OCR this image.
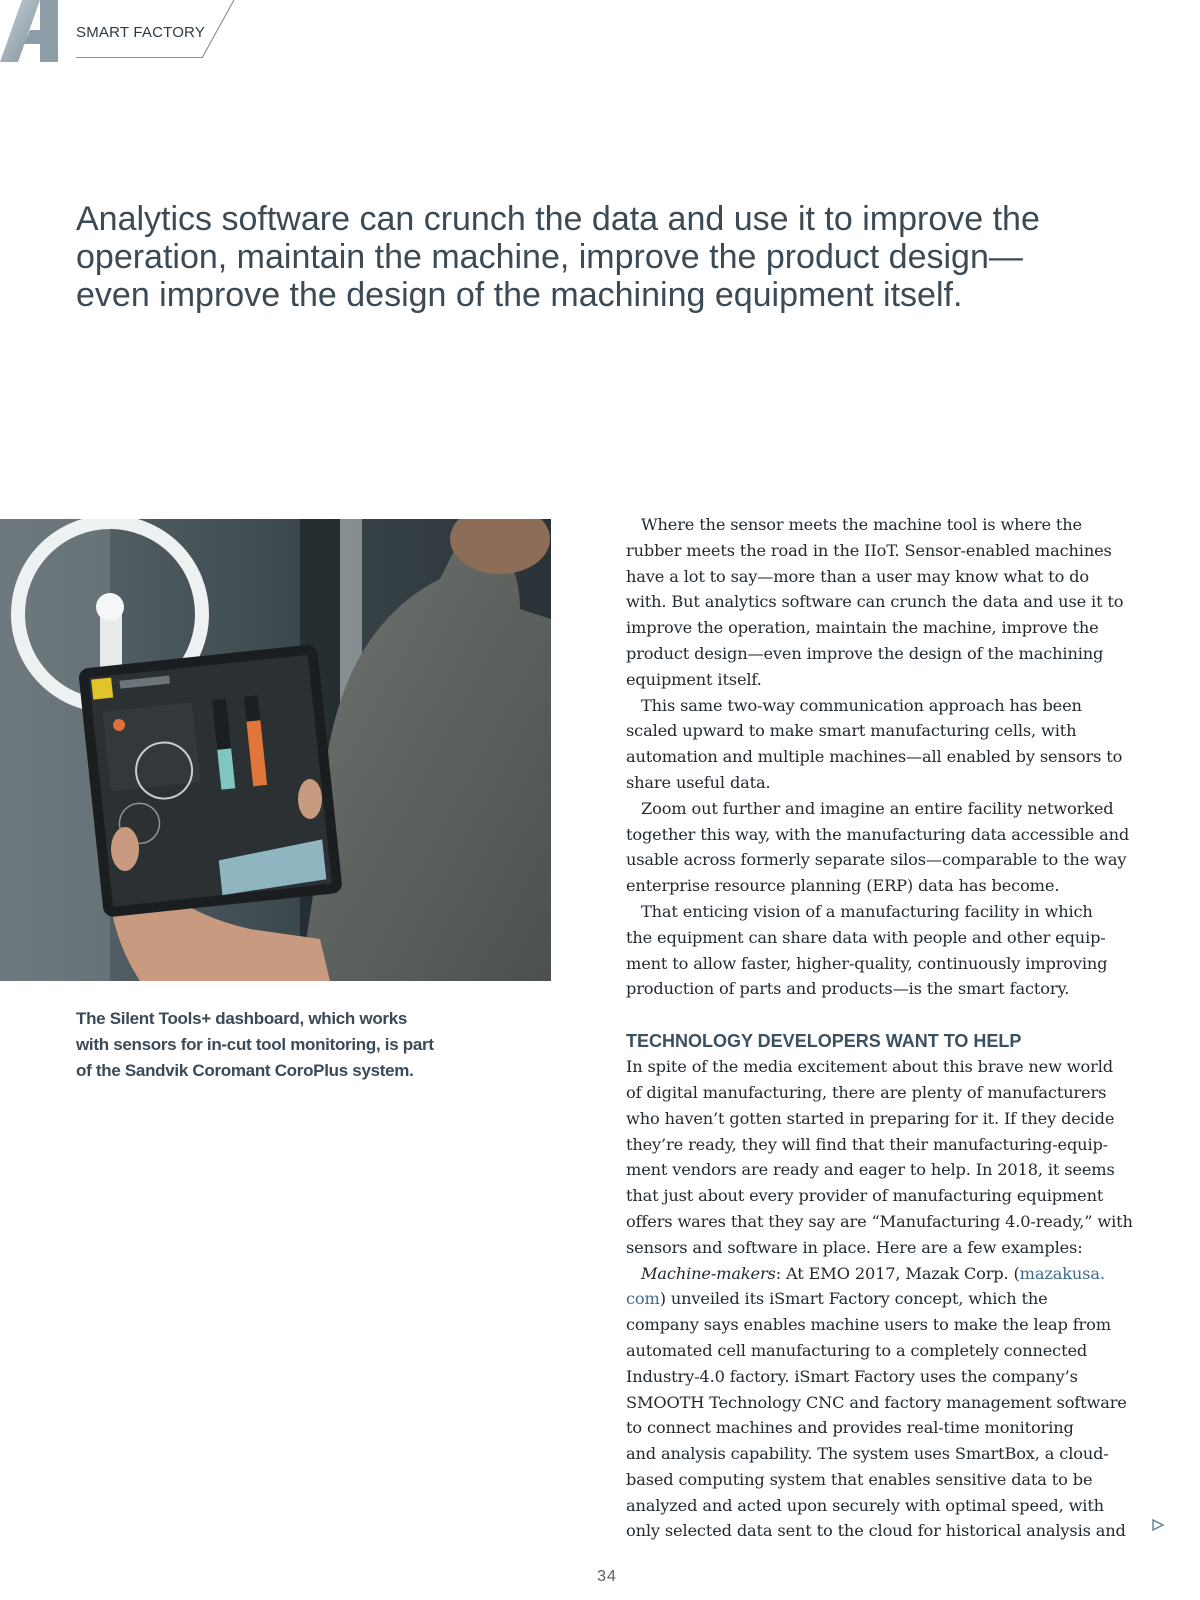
SMART FACTORY
Analytics software can crunch the data and use it to improve the operation, maintain the machine, improve the product design—even improve the design of the machining equipment itself.
The Silent Tools+ dashboard, which works with sensors for in-cut tool monitoring, is part of the Sandvik Coromant CoroPlus system.

Where the sensor meets the machine tool is where the
rubber meets the road in the IIoT. Sensor-enabled machines
have a lot to say—more than a user may know what to do
with. But analytics software can crunch the data and use it to
improve the operation, maintain the machine, improve the
product design—even improve the design of the machining
equipment itself.

This same two-way communication approach has been
scaled upward to make smart manufacturing cells, with
automation and multiple machines—all enabled by sensors to
share useful data.

Zoom out further and imagine an entire facility networked
together this way, with the manufacturing data accessible and
usable across formerly separate silos—comparable to the way
enterprise resource planning (ERP) data has become.

That enticing vision of a manufacturing facility in which
the equipment can share data with people and other equip-
ment to allow faster, higher-quality, continuously improving
production of parts and products—is the smart factory.

TECHNOLOGY DEVELOPERS WANT TO HELP

In spite of the media excitement about this brave new world
of digital manufacturing, there are plenty of manufacturers
who haven’t gotten started in preparing for it. If they decide
they’re ready, they will find that their manufacturing-equip-
ment vendors are ready and eager to help. In 2018, it seems
that just about every provider of manufacturing equipment
offers wares that they say are “Manufacturing 4.0-ready,” with
sensors and software in place. Here are a few examples:

Machine-makers: At EMO 2017, Mazak Corp. (mazakusa.
com) unveiled its iSmart Factory concept, which the
company says enables machine users to make the leap from
automated cell manufacturing to a completely connected
Industry-4.0 factory. iSmart Factory uses the company’s
SMOOTH Technology CNC and factory management software
to connect machines and provides real-time monitoring
and analysis capability. The system uses SmartBox, a cloud-
based computing system that enables sensitive data to be
analyzed and acted upon securely with optimal speed, with
only selected data sent to the cloud for historical analysis and

34
